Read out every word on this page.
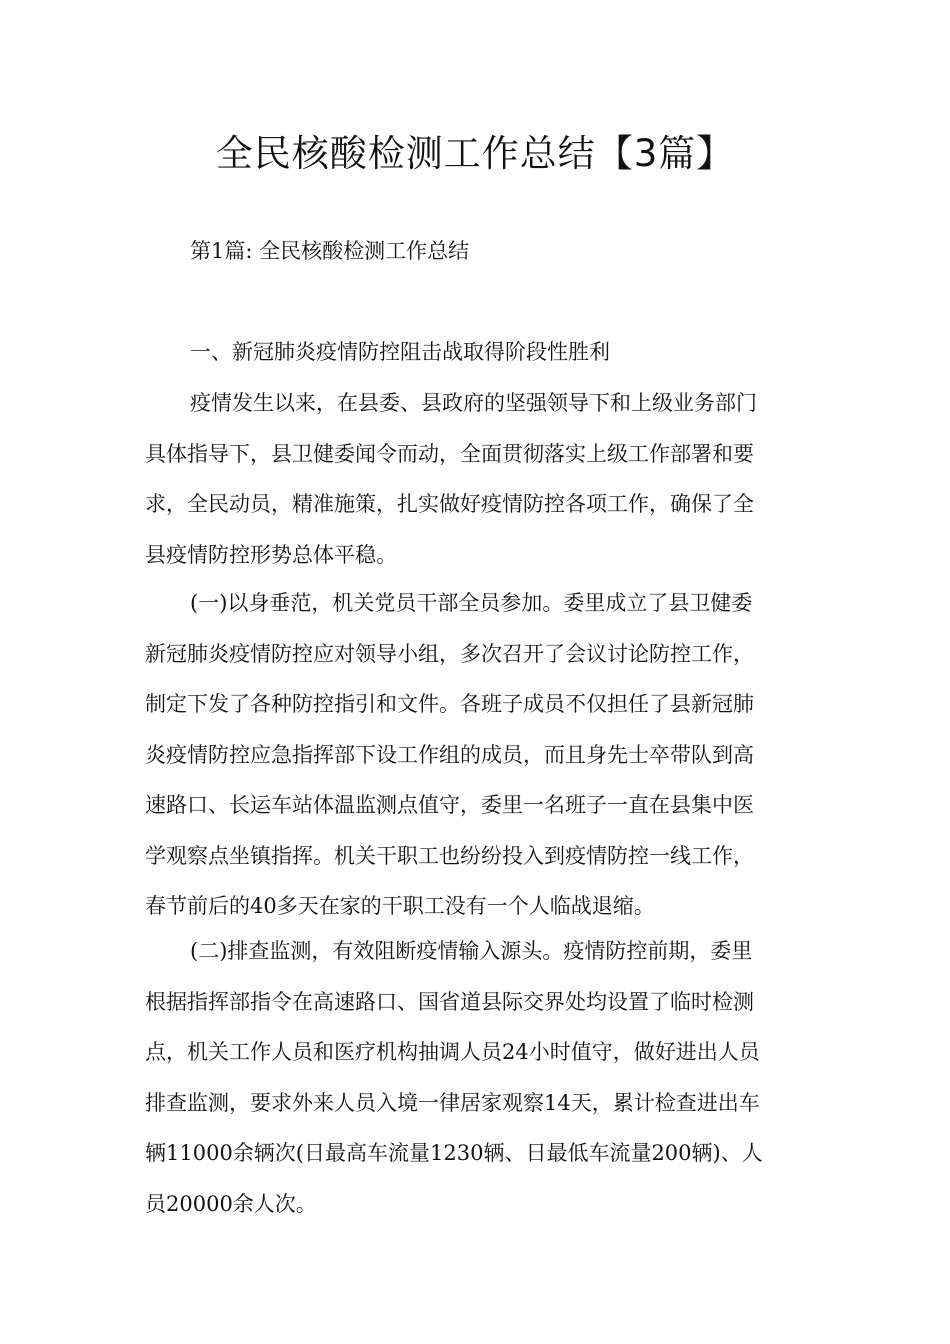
全民核酸检测工作总结【3篇】

第1篇: 全民核酸检测工作总结

一、新冠肺炎疫情防控阻击战取得阶段性胜利

疫情发生以来，在县委、县政府的坚强领导下和上级业务部门
具体指导下，县卫健委闻令而动，全面贯彻落实上级工作部署和要
求，全民动员，精准施策，扎实做好疫情防控各项工作，确保了全
县疫情防控形势总体平稳。
(一)以身垂范，机关党员干部全员参加。委里成立了县卫健委
新冠肺炎疫情防控应对领导小组，多次召开了会议讨论防控工作，
制定下发了各种防控指引和文件。各班子成员不仅担任了县新冠肺
炎疫情防控应急指挥部下设工作组的成员，而且身先士卒带队到高
速路口、长运车站体温监测点值守，委里一名班子一直在县集中医
学观察点坐镇指挥。机关干职工也纷纷投入到疫情防控一线工作，
春节前后的40多天在家的干职工没有一个人临战退缩。
(二)排查监测，有效阻断疫情输入源头。疫情防控前期，委里
根据指挥部指令在高速路口、国省道县际交界处均设置了临时检测
点，机关工作人员和医疗机构抽调人员24小时值守，做好进出人员
排查监测，要求外来人员入境一律居家观察14天，累计检查进出车
辆11000余辆次(日最高车流量1230辆、日最低车流量200辆)、人
员20000余人次。
